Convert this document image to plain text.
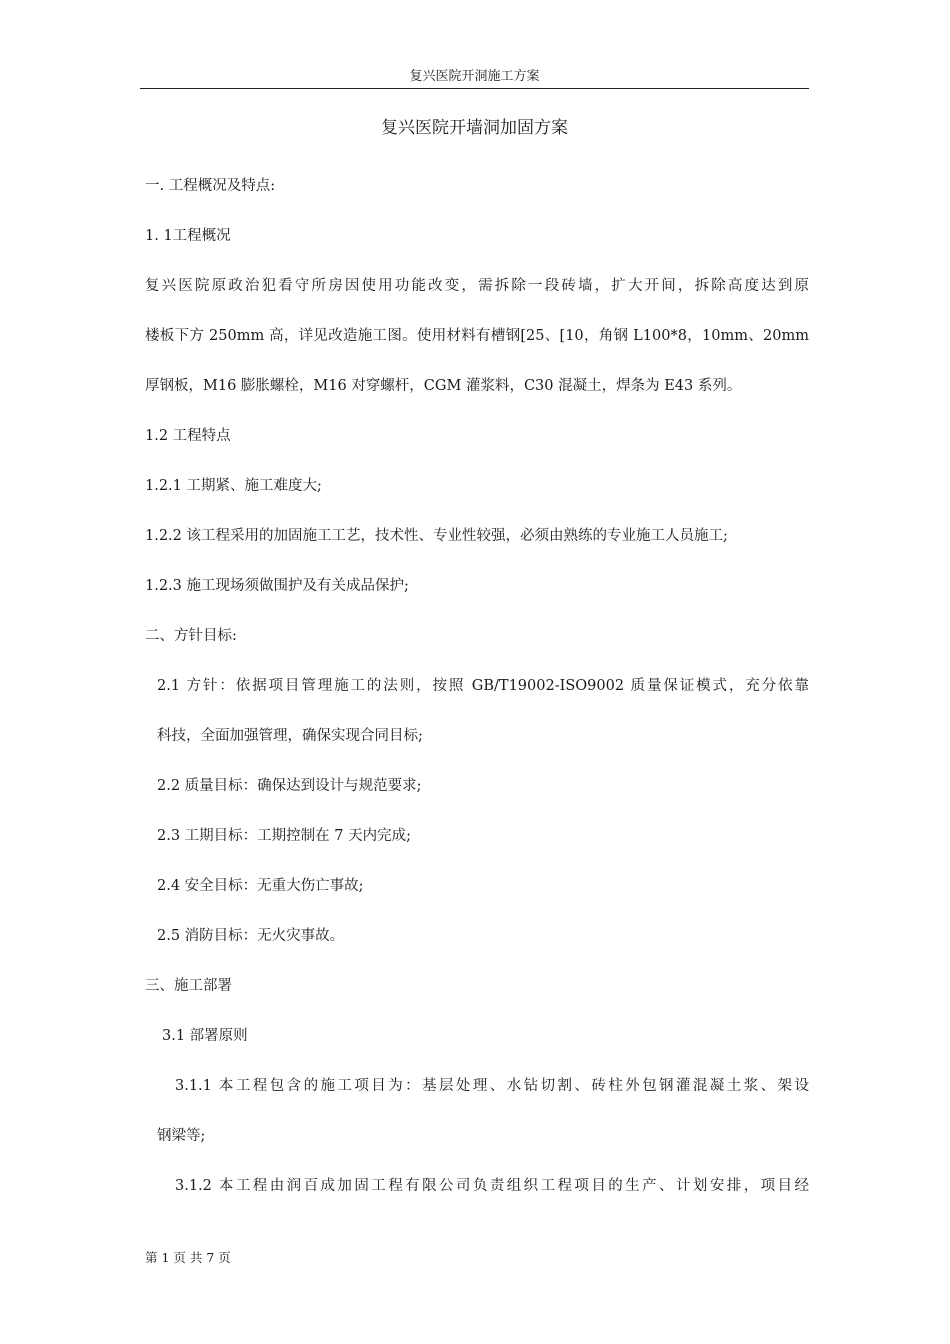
复兴医院开洞施工方案
复兴医院开墙洞加固方案
一. 工程概况及特点:
1. 1工程概况
复兴医院原政治犯看守所房因使用功能改变，需拆除一段砖墙，扩大开间，拆除高度达到原
楼板下方 250mm 高，详见改造施工图。使用材料有槽钢[25、[10，角钢 L100*8，10mm、20mm
厚钢板，M16 膨胀螺栓，M16 对穿螺杆，CGM 灌浆料，C30 混凝土，焊条为 E43 系列。
1.2 工程特点
1.2.1 工期紧、施工难度大;
1.2.2 该工程采用的加固施工工艺，技术性、专业性较强，必须由熟练的专业施工人员施工;
1.2.3 施工现场须做围护及有关成品保护;
二、方针目标:
2.1 方针：依据项目管理施工的法则，按照 GB/T19002-ISO9002 质量保证模式，充分依靠
科技，全面加强管理，确保实现合同目标;
2.2 质量目标：确保达到设计与规范要求;
2.3 工期目标：工期控制在 7 天内完成;
2.4 安全目标：无重大伤亡事故;
2.5 消防目标：无火灾事故。
三、施工部署
3.1 部署原则
3.1.1 本工程包含的施工项目为：基层处理、水钻切割、砖柱外包钢灌混凝土浆、架设
钢梁等;
3.1.2 本工程由润百成加固工程有限公司负责组织工程项目的生产、计划安排，项目经
第 1 页 共 7 页
